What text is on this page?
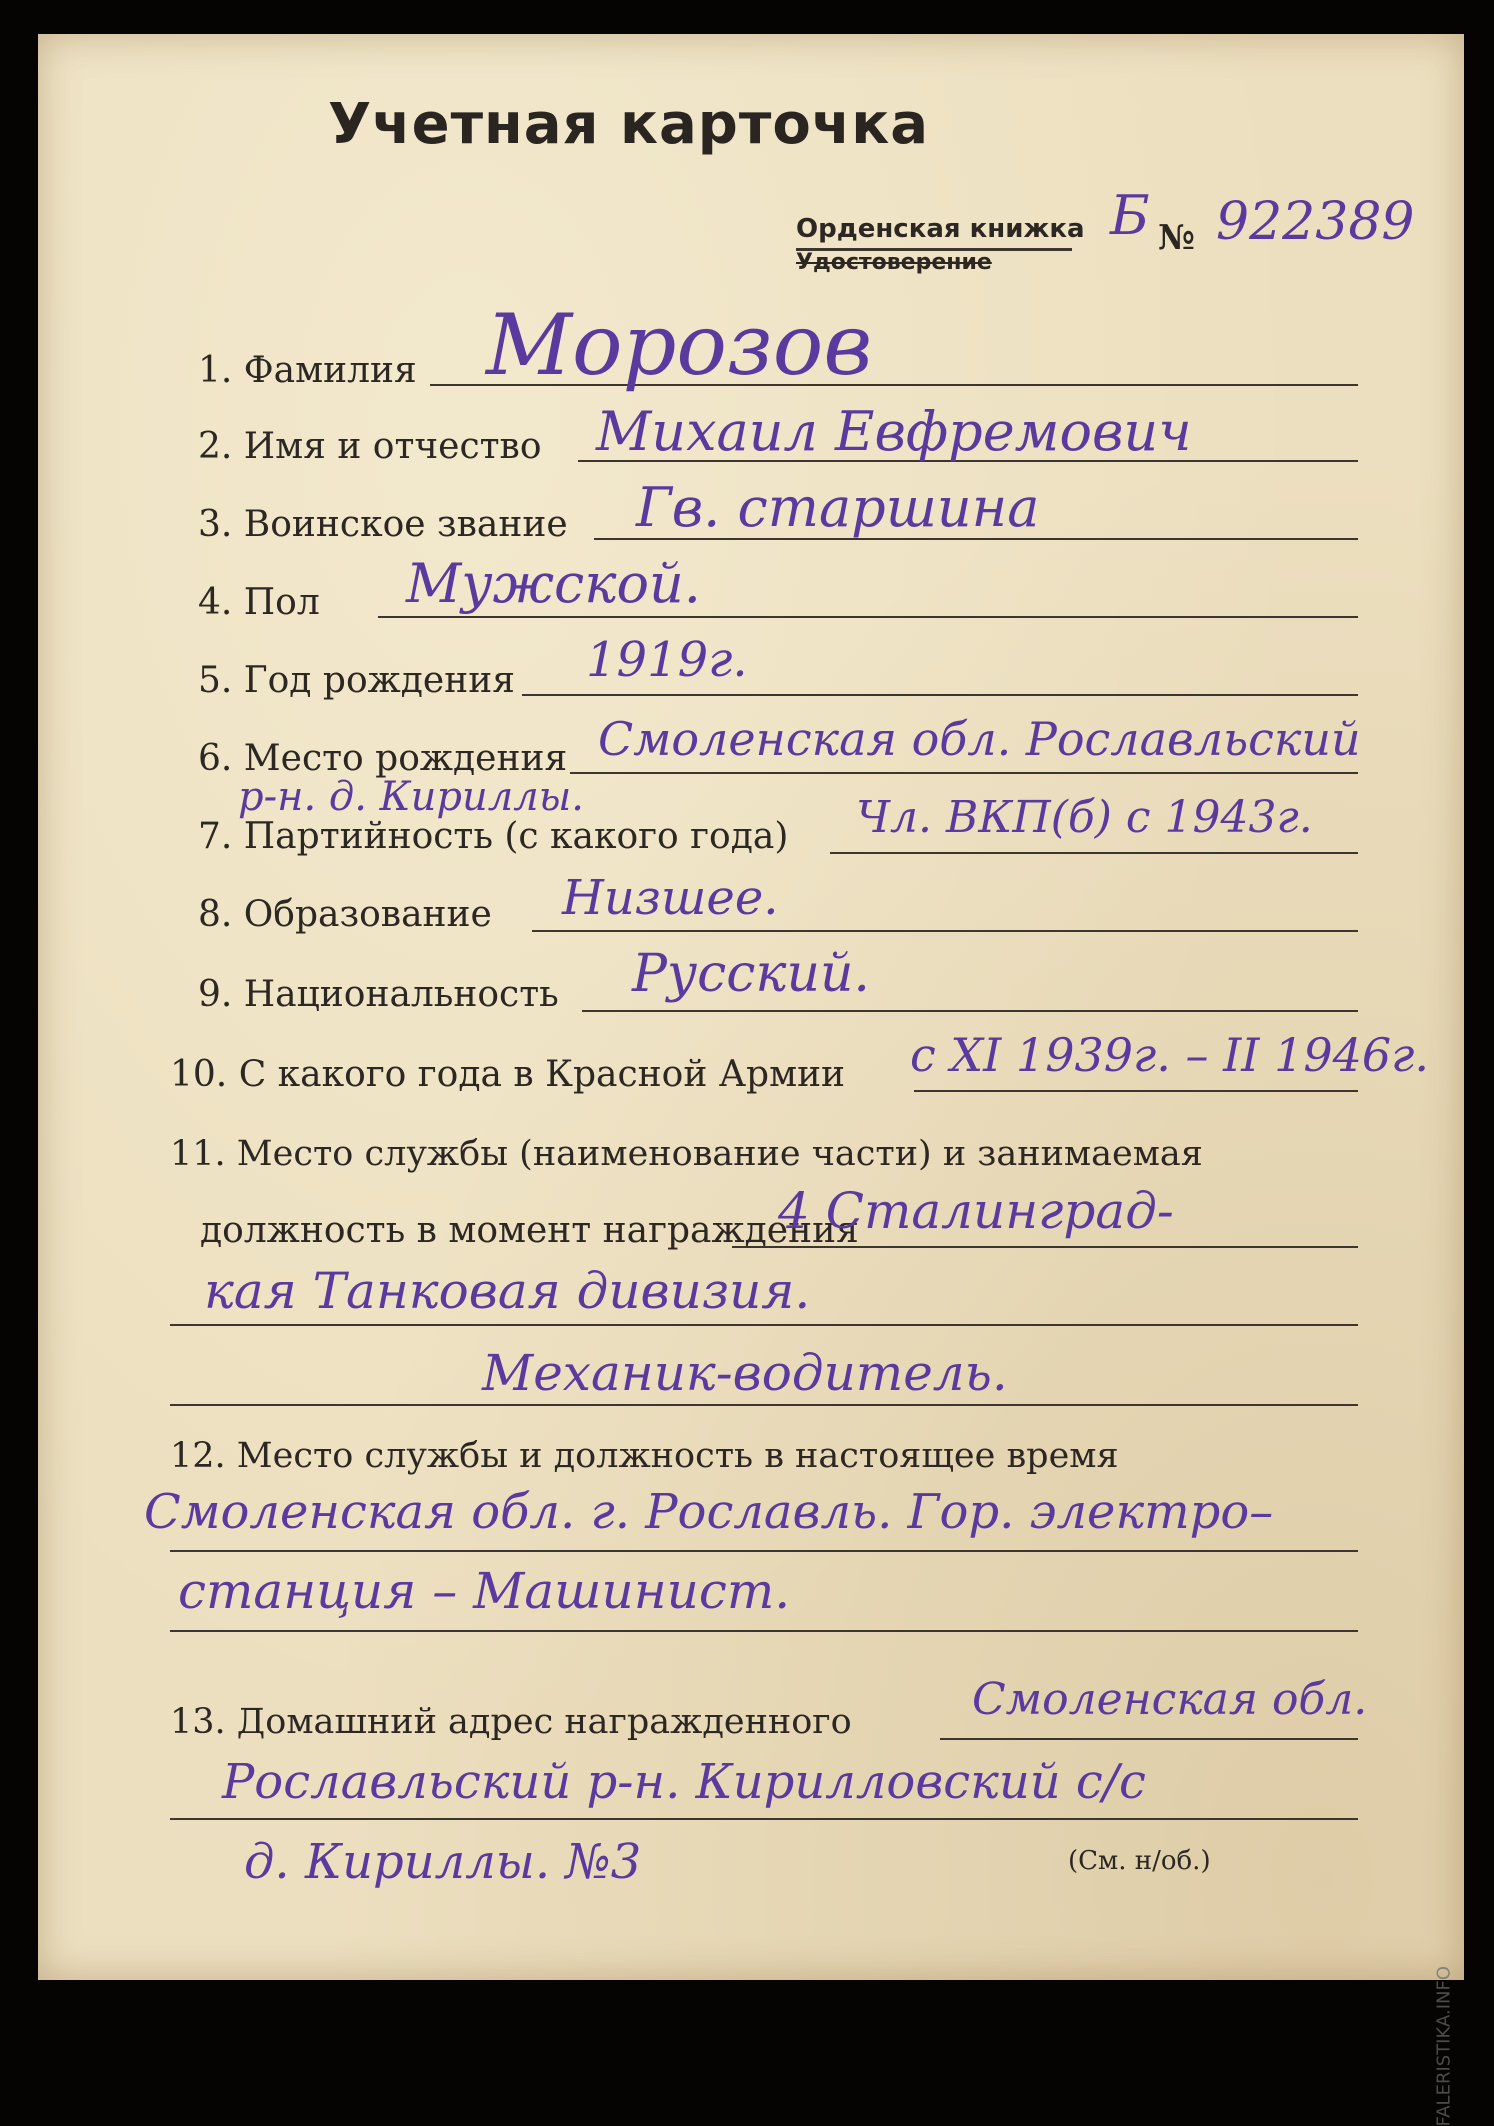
Учетная карточка
Орденская книжка
Удостоверение
Б № 922389
1. Фамилия Морозов
2. Имя и отчество Михаил Евфремович
3. Воинское звание Гв. старшина
4. Пол Мужской.
5. Год рождения 1919г.
6. Место рождения Смоленская обл. Рославльский
р-н. д. Кириллы.
7. Партийность (с какого года) Чл. ВКП(б) с 1943г.
8. Образование Низшее.
9. Национальность Русский.
10. С какого года в Красной Армии с XI 1939г. – II 1946г.
11. Место службы (наименование части) и занимаемая
должность в момент награждения
4 Сталинград-
кая Танковая дивизия.
Механик-водитель.
12. Место службы и должность в настоящее время
Смоленская обл. г. Рославль. Гор. электро–
станция – Машинист.
13. Домашний адрес награжденного	Смоленская обл.
Рославльский р-н. Кирилловский с/с
д. Кириллы. №3	(См. н/об.)
FALERISTIKA.INFO
